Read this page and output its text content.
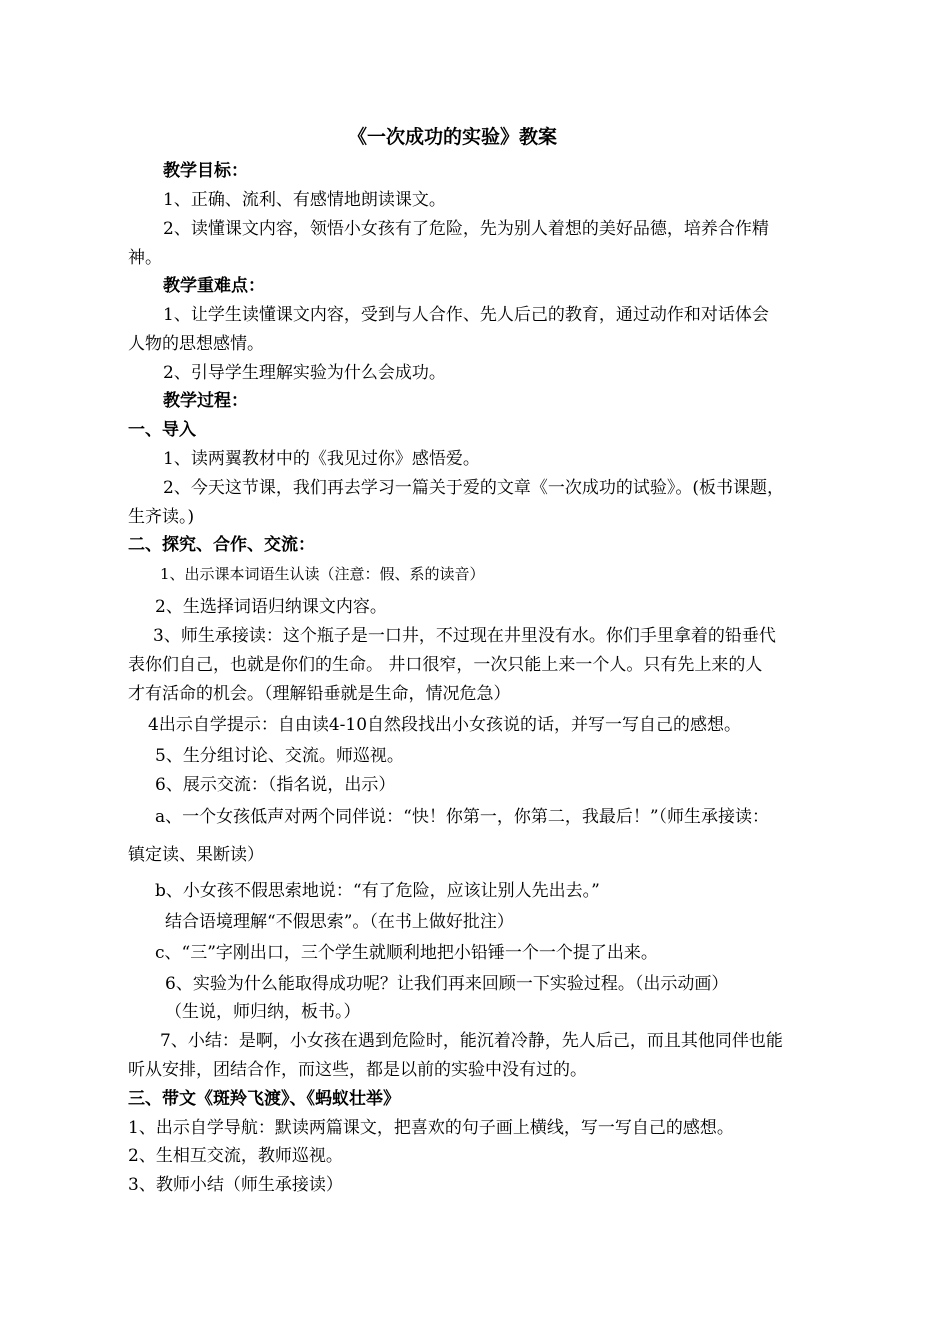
《一次成功的实验》教案
教学目标：
1、正确、流利、有感情地朗读课文。
2、读懂课文内容，领悟小女孩有了危险，先为别人着想的美好品德，培养合作精
神。
教学重难点：
1、让学生读懂课文内容，受到与人合作、先人后己的教育，通过动作和对话体会
人物的思想感情。
2、引导学生理解实验为什么会成功。
教学过程：
一、导入
1、读两翼教材中的《我见过你》感悟爱。
2、今天这节课，我们再去学习一篇关于爱的文章《一次成功的试验》。(板书课题，
生齐读。)
二、探究、合作、交流：
1、出示课本词语生认读（注意：假、系的读音）
2、生选择词语归纳课文内容。
3、师生承接读：这个瓶子是一口井，不过现在井里没有水。你们手里拿着的铅垂代
表你们自己，也就是你们的生命。 井口很窄，一次只能上来一个人。只有先上来的人
才有活命的机会。（理解铅垂就是生命，情况危急）
4出示自学提示：自由读4-10自然段找出小女孩说的话，并写一写自己的感想。
5、生分组讨论、交流。师巡视。
6、展示交流：（指名说，出示）
a、一个女孩低声对两个同伴说：“快！你第一，你第二，我最后！”（师生承接读：
镇定读、果断读）
b、小女孩不假思索地说：“有了危险，应该让别人先出去。”
结合语境理解“不假思索”。（在书上做好批注）
c、“三”字刚出口，三个学生就顺利地把小铅锤一个一个提了出来。
6、实验为什么能取得成功呢？让我们再来回顾一下实验过程。（出示动画）
（生说，师归纳，板书。）
7、小结：是啊，小女孩在遇到危险时，能沉着冷静，先人后己，而且其他同伴也能
听从安排，团结合作，而这些，都是以前的实验中没有过的。
三、带文《斑羚飞渡》、《蚂蚁壮举》
1、出示自学导航：默读两篇课文，把喜欢的句子画上横线，写一写自己的感想。
2、生相互交流，教师巡视。
3、教师小结（师生承接读）
